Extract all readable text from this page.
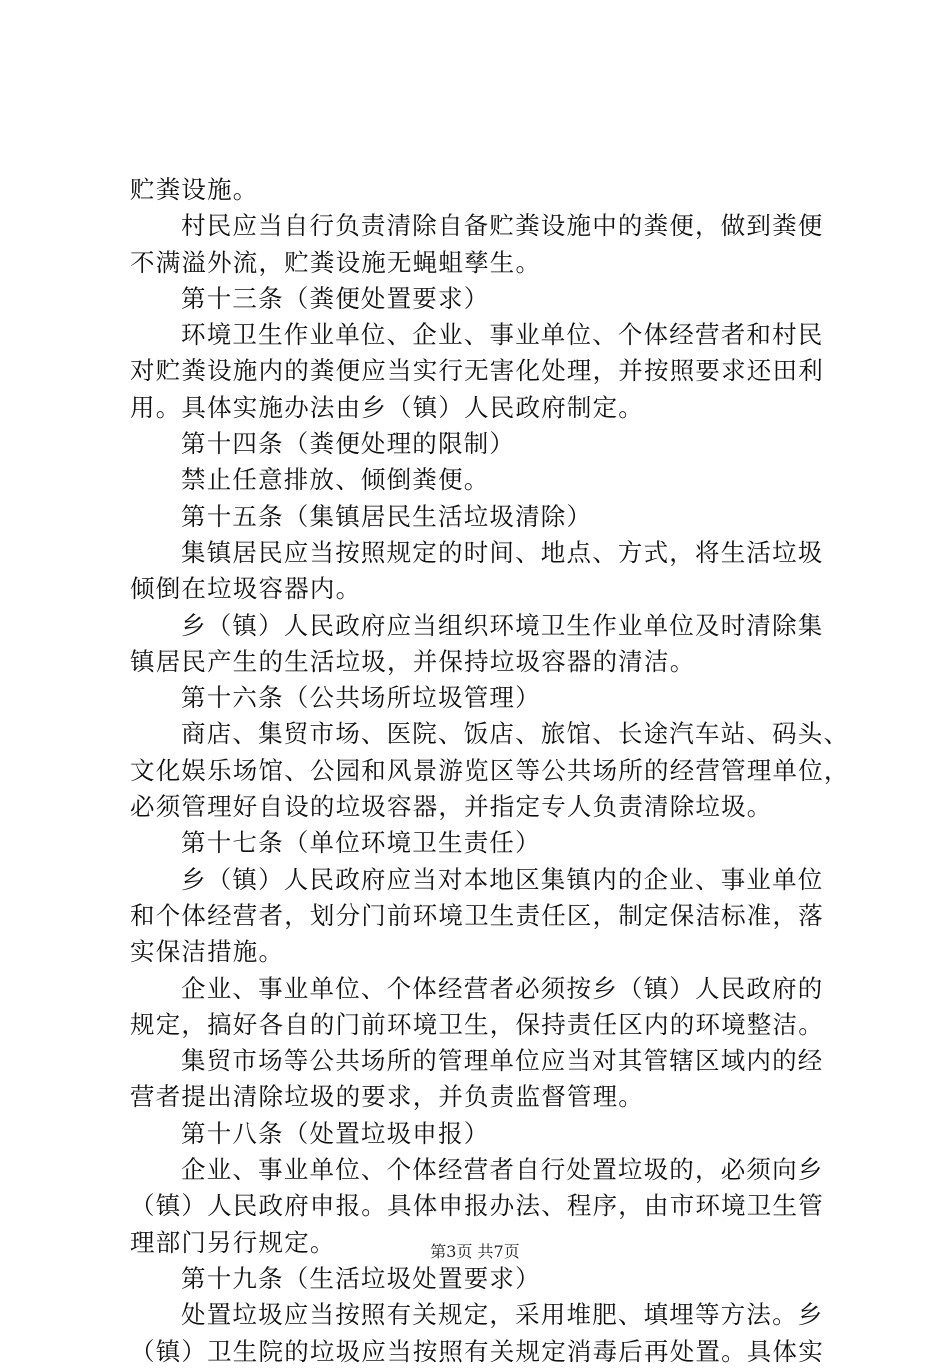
贮粪设施。
村民应当自行负责清除自备贮粪设施中的粪便，做到粪便
不满溢外流，贮粪设施无蝇蛆孳生。
第十三条（粪便处置要求）
环境卫生作业单位、企业、事业单位、个体经营者和村民
对贮粪设施内的粪便应当实行无害化处理，并按照要求还田利
用。具体实施办法由乡（镇）人民政府制定。
第十四条（粪便处理的限制）
禁止任意排放、倾倒粪便。
第十五条（集镇居民生活垃圾清除）
集镇居民应当按照规定的时间、地点、方式，将生活垃圾
倾倒在垃圾容器内。
乡（镇）人民政府应当组织环境卫生作业单位及时清除集
镇居民产生的生活垃圾，并保持垃圾容器的清洁。
第十六条（公共场所垃圾管理）
商店、集贸市场、医院、饭店、旅馆、长途汽车站、码头、
文化娱乐场馆、公园和风景游览区等公共场所的经营管理单位，
必须管理好自设的垃圾容器，并指定专人负责清除垃圾。
第十七条（单位环境卫生责任）
乡（镇）人民政府应当对本地区集镇内的企业、事业单位
和个体经营者，划分门前环境卫生责任区，制定保洁标准，落
实保洁措施。
企业、事业单位、个体经营者必须按乡（镇）人民政府的
规定，搞好各自的门前环境卫生，保持责任区内的环境整洁。
集贸市场等公共场所的管理单位应当对其管辖区域内的经
营者提出清除垃圾的要求，并负责监督管理。
第十八条（处置垃圾申报）
企业、事业单位、个体经营者自行处置垃圾的，必须向乡
（镇）人民政府申报。具体申报办法、程序，由市环境卫生管
理部门另行规定。
第十九条（生活垃圾处置要求）
处置垃圾应当按照有关规定，采用堆肥、填埋等方法。乡
（镇）卫生院的垃圾应当按照有关规定消毒后再处置。具体实
第3页 共7页
